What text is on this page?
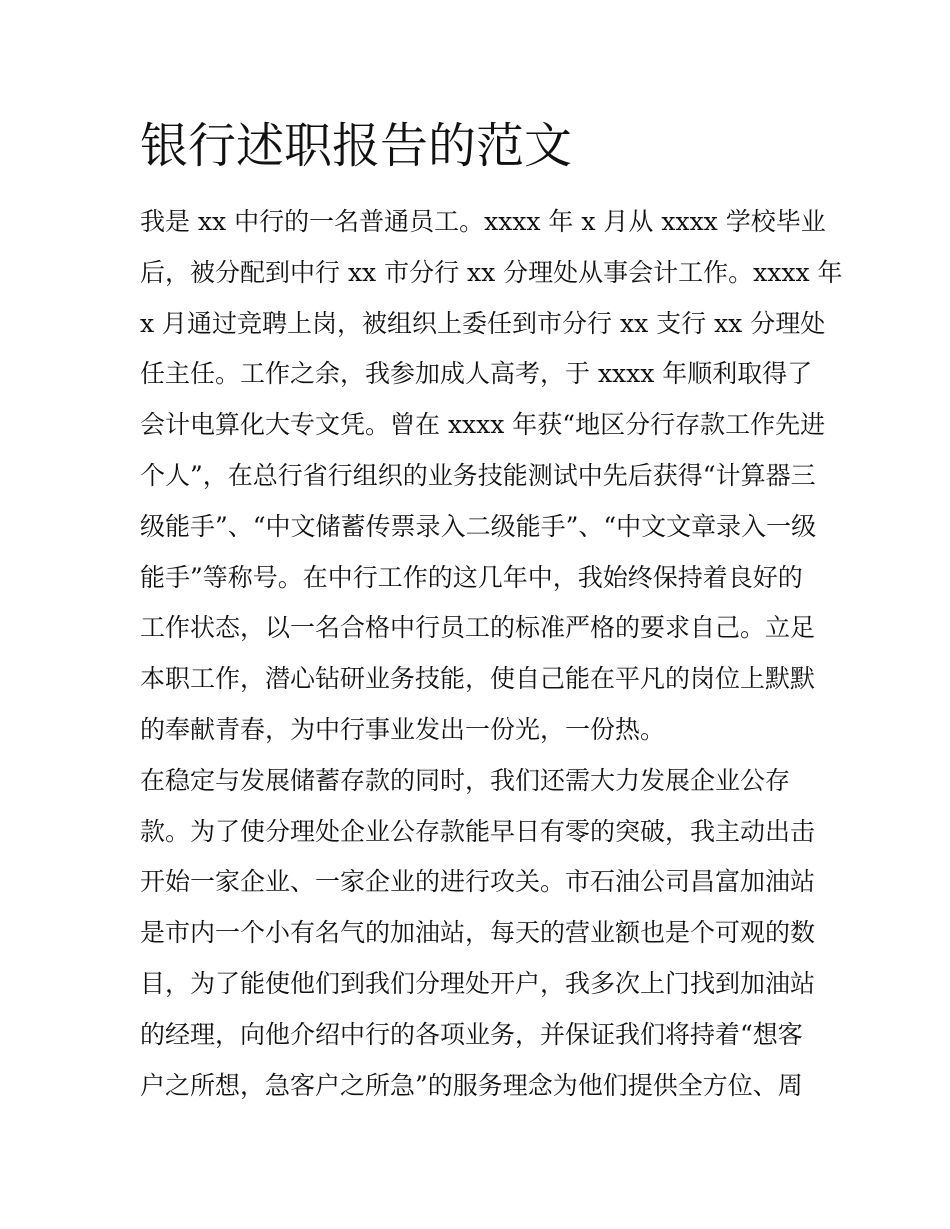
银行述职报告的范文
我是 xx 中行的一名普通员工。xxxx 年 x 月从 xxxx 学校毕业
后，被分配到中行 xx 市分行 xx 分理处从事会计工作。xxxx 年
x 月通过竞聘上岗，被组织上委任到市分行 xx 支行 xx 分理处
任主任。工作之余，我参加成人高考，于 xxxx 年顺利取得了
会计电算化大专文凭。曾在 xxxx 年获“地区分行存款工作先进
个人”，在总行省行组织的业务技能测试中先后获得“计算器三
级能手”、“中文储蓄传票录入二级能手”、“中文文章录入一级
能手”等称号。在中行工作的这几年中，我始终保持着良好的
工作状态，以一名合格中行员工的标准严格的要求自己。立足
本职工作，潜心钻研业务技能，使自己能在平凡的岗位上默默
的奉献青春，为中行事业发出一份光，一份热。
在稳定与发展储蓄存款的同时，我们还需大力发展企业公存
款。为了使分理处企业公存款能早日有零的突破，我主动出击
开始一家企业、一家企业的进行攻关。市石油公司昌富加油站
是市内一个小有名气的加油站，每天的营业额也是个可观的数
目，为了能使他们到我们分理处开户，我多次上门找到加油站
的经理，向他介绍中行的各项业务，并保证我们将持着“想客
户之所想，急客户之所急”的服务理念为他们提供全方位、周
